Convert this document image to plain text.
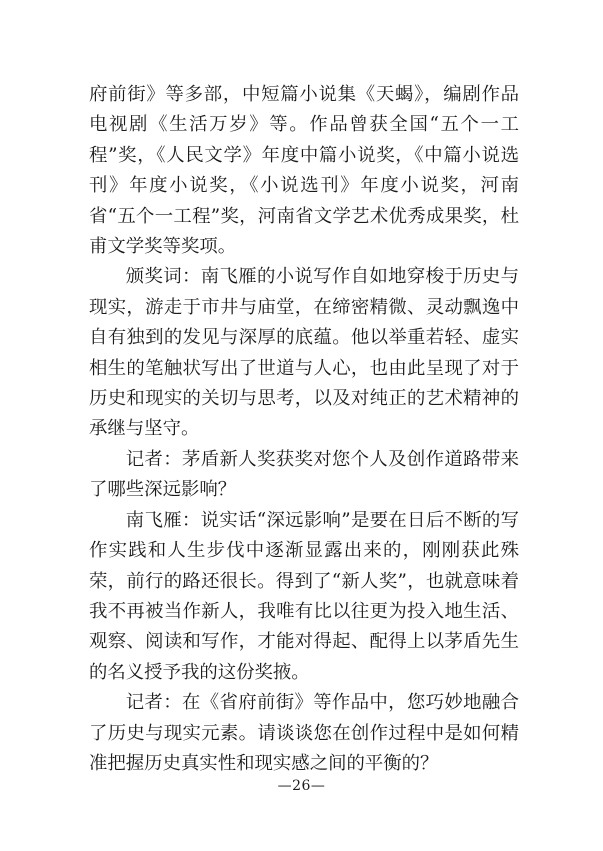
府前街》等多部，中短篇小说集《天蝎》，编剧作品电视剧《生活万岁》等。作品曾获全国“五个一工程”奖，《人民文学》年度中篇小说奖，《中篇小说选刊》年度小说奖，《小说选刊》年度小说奖，河南省“五个一工程”奖，河南省文学艺术优秀成果奖，杜甫文学奖等奖项。

颁奖词：南飞雁的小说写作自如地穿梭于历史与现实，游走于市井与庙堂，在缔密精微、灵动飘逸中自有独到的发见与深厚的底蕴。他以举重若轻、虚实相生的笔触状写出了世道与人心，也由此呈现了对于历史和现实的关切与思考，以及对纯正的艺术精神的承继与坚守。

记者：茅盾新人奖获奖对您个人及创作道路带来了哪些深远影响？

南飞雁：说实话“深远影响”是要在日后不断的写作实践和人生步伐中逐渐显露出来的，刚刚获此殊荣，前行的路还很长。得到了“新人奖”，也就意味着我不再被当作新人，我唯有比以往更为投入地生活、观察、阅读和写作，才能对得起、配得上以茅盾先生的名义授予我的这份奖掖。

记者：在《省府前街》等作品中，您巧妙地融合了历史与现实元素。请谈谈您在创作过程中是如何精准把握历史真实性和现实感之间的平衡的？

—26—
